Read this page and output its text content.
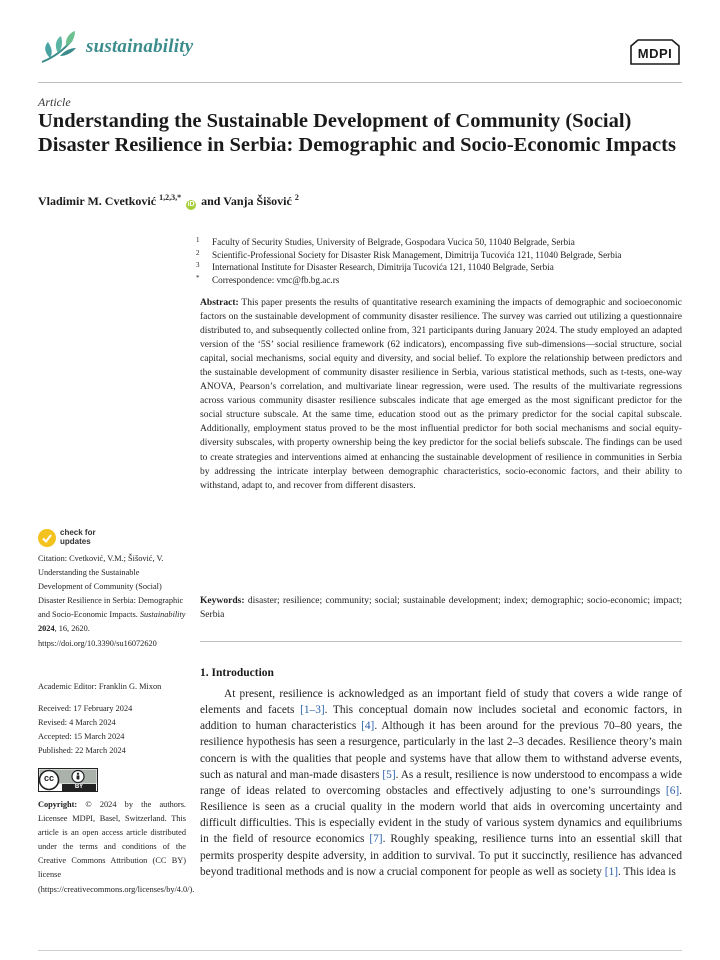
sustainability	MDPI
Article
Understanding the Sustainable Development of Community (Social) Disaster Resilience in Serbia: Demographic and Socio-Economic Impacts
Vladimir M. Cvetković $^{1,2,3,*}$ iD and Vanja Šišović $^2$
1 Faculty of Security Studies, University of Belgrade, Gospodara Vucica 50, 11040 Belgrade, Serbia
2 Scientific-Professional Society for Disaster Risk Management, Dimitrija Tucovića 121, 11040 Belgrade, Serbia
3 International Institute for Disaster Research, Dimitrija Tucovića 121, 11040 Belgrade, Serbia
* Correspondence: vmc@fb.bg.ac.rs

Abstract: This paper presents the results of quantitative research examining the impacts of demographic and socioeconomic factors on the sustainable development of community disaster resilience. The survey was carried out utilizing a questionnaire distributed to, and subsequently collected online from, 321 participants during January 2024. The study employed an adapted version of the ‘5S’ social resilience framework (62 indicators), encompassing five sub-dimensions—social structure, social capital, social mechanisms, social equity and diversity, and social belief. To explore the relationship between predictors and the sustainable development of community disaster resilience in Serbia, various statistical methods, such as t-tests, one-way ANOVA, Pearson’s correlation, and multivariate linear regression, were used. The results of the multivariate regressions across various community disaster resilience subscales indicate that age emerged as the most significant predictor for the social structure subscale. At the same time, education stood out as the primary predictor for the social capital subscale. Additionally, employment status proved to be the most influential predictor for both social mechanisms and social equity-diversity subscales, with property ownership being the key predictor for the social beliefs subscale. The findings can be used to create strategies and interventions aimed at enhancing the sustainable development of resilience in communities in Serbia by addressing the intricate interplay between demographic characteristics, socio-economic factors, and their ability to withstand, adapt to, and recover from different disasters.

Keywords: disaster; resilience; community; social; sustainable development; index; demographic; socio-economic; impact; Serbia

check for
updates

Citation: Cvetković, V.M.; Šišović, V. Understanding the Sustainable Development of Community (Social) Disaster Resilience in Serbia: Demographic and Socio-Economic Impacts. Sustainability 2024, 16, 2620. https://doi.org/10.3390/su16072620

Academic Editor: Franklin G. Mixon

Received: 17 February 2024
Revised: 4 March 2024
Accepted: 15 March 2024
Published: 22 March 2024
cc
BY

Copyright: © 2024 by the authors. Licensee MDPI, Basel, Switzerland. This article is an open access article distributed under the terms and conditions of the Creative Commons Attribution (CC BY) license (https://creativecommons.org/licenses/by/4.0/).

1. Introduction

At present, resilience is acknowledged as an important field of study that covers a wide range of elements and facets [1–3]. This conceptual domain now includes societal and economic factors, in addition to human characteristics [4]. Although it has been around for the previous 70–80 years, the resilience hypothesis has seen a resurgence, particularly in the last 2–3 decades. Resilience theory’s main concern is with the qualities that people and systems have that allow them to withstand adverse events, such as natural and man-made disasters [5]. As a result, resilience is now understood to encompass a wide range of ideas related to overcoming obstacles and effectively adjusting to one’s surroundings [6]. Resilience is seen as a crucial quality in the modern world that aids in overcoming uncertainty and difficult difficulties. This is especially evident in the study of various system dynamics and equilibriums in the field of resource economics [7]. Roughly speaking, resilience turns into an essential skill that permits prosperity despite adversity, in addition to survival. To put it succinctly, resilience has advanced beyond traditional methods and is now a crucial component for people as well as society [1]. This idea is
